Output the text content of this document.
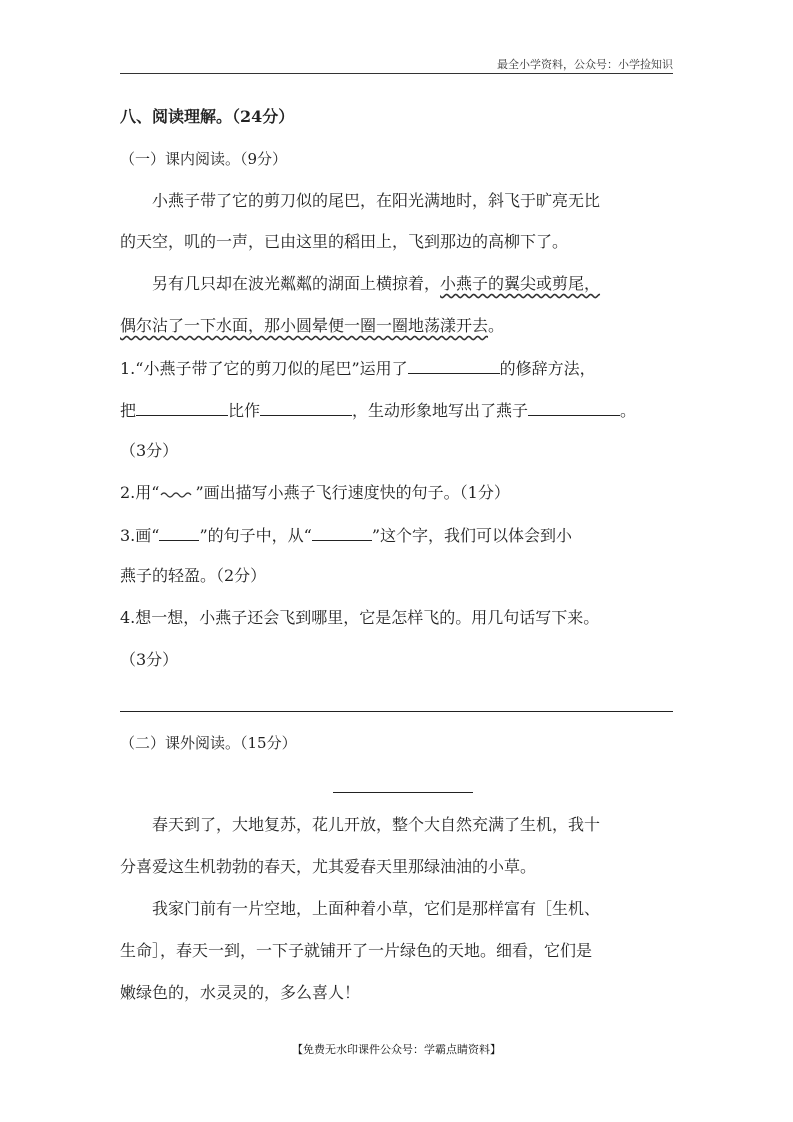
最全小学资料，公众号：小学捡知识
八、阅读理解。（24分）
（一）课内阅读。（9分）
小燕子带了它的剪刀似的尾巴，在阳光满地时，斜飞于旷亮无比
的天空，叽的一声，已由这里的稻田上，飞到那边的高柳下了。
另有几只却在波光粼粼的湖面上横掠着，小燕子的翼尖或剪尾，
偶尔沾了一下水面，那小圆晕便一圈一圈地荡漾开去。
1.“小燕子带了它的剪刀似的尾巴”运用了	的修辞方法，
把	比作	，生动形象地写出了燕子	。
（3分）
2.用“ ”画出描写小燕子飞行速度快的句子。（1分）
3.画“	”的句子中，从“	”这个字，我们可以体会到小
燕子的轻盈。（2分）
4.想一想，小燕子还会飞到哪里，它是怎样飞的。用几句话写下来。
（3分）
（二）课外阅读。（15分）
春天到了，大地复苏，花儿开放，整个大自然充满了生机，我十
分喜爱这生机勃勃的春天，尤其爱春天里那绿油油的小草。
我家门前有一片空地，上面种着小草，它们是那样富有［生机、
生命］，春天一到，一下子就铺开了一片绿色的天地。细看，它们是
嫩绿色的，水灵灵的，多么喜人！
【免费无水印课件公众号：学霸点睛资料】
